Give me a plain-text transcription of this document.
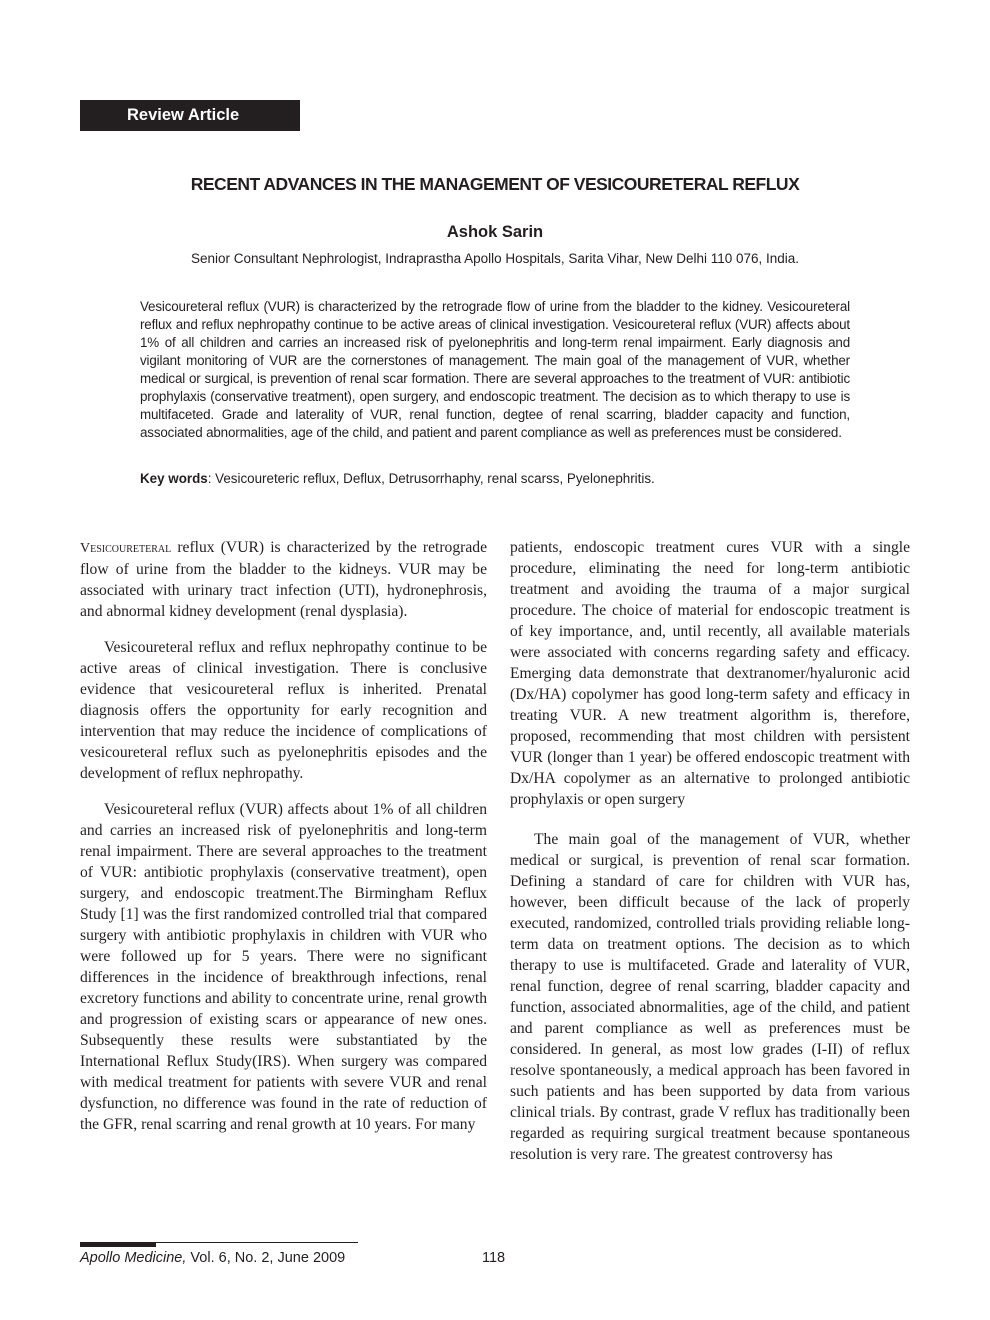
Review Article
RECENT ADVANCES IN THE MANAGEMENT OF VESICOURETERAL REFLUX
Ashok Sarin
Senior Consultant Nephrologist, Indraprastha Apollo Hospitals, Sarita Vihar, New Delhi 110 076, India.

Vesicoureteral reflux (VUR) is characterized by the retrograde flow of urine from the bladder to the kidney. Vesicoureteral reflux and reflux nephropathy continue to be active areas of clinical investigation. Vesicoureteral reflux (VUR) affects about 1% of all children and carries an increased risk of pyelonephritis and long-term renal impairment. Early diagnosis and vigilant monitoring of VUR are the cornerstones of management. The main goal of the management of VUR, whether medical or surgical, is prevention of renal scar formation. There are several approaches to the treatment of VUR: antibiotic prophylaxis (conservative treatment), open surgery, and endoscopic treatment. The decision as to which therapy to use is multifaceted. Grade and laterality of VUR, renal function, degtee of renal scarring, bladder capacity and function, associated abnormalities, age of the child, and patient and parent compliance as well as preferences must be considered.

Key words: Vesicoureteric reflux, Deflux, Detrusorrhaphy, renal scarss, Pyelonephritis.

Vesicoureteral reflux (VUR) is characterized by the retrograde flow of urine from the bladder to the kidneys. VUR may be associated with urinary tract infection (UTI), hydronephrosis, and abnormal kidney development (renal dysplasia).

Vesicoureteral reflux and reflux nephropathy continue to be active areas of clinical investigation. There is conclusive evidence that vesicoureteral reflux is inherited. Prenatal diagnosis offers the opportunity for early recognition and intervention that may reduce the incidence of complications of vesicoureteral reflux such as pyelonephritis episodes and the development of reflux nephropathy.

Vesicoureteral reflux (VUR) affects about 1% of all children and carries an increased risk of pyelonephritis and long-term renal impairment. There are several approaches to the treatment of VUR: antibiotic prophylaxis (conservative treatment), open surgery, and endoscopic treatment.The Birmingham Reflux Study [1] was the first randomized controlled trial that compared surgery with antibiotic prophylaxis in children with VUR who were followed up for 5 years. There were no significant differences in the incidence of breakthrough infections, renal excretory functions and ability to concentrate urine, renal growth and progression of existing scars or appearance of new ones. Subsequently these results were substantiated by the International Reflux Study(IRS). When surgery was compared with medical treatment for patients with severe VUR and renal dysfunction, no difference was found in the rate of reduction of the GFR, renal scarring and renal growth at 10 years. For many

patients, endoscopic treatment cures VUR with a single procedure, eliminating the need for long-term antibiotic treatment and avoiding the trauma of a major surgical procedure. The choice of material for endoscopic treatment is of key importance, and, until recently, all available materials were associated with concerns regarding safety and efficacy. Emerging data demonstrate that dextranomer/hyaluronic acid (Dx/HA) copolymer has good long-term safety and efficacy in treating VUR. A new treatment algorithm is, therefore, proposed, recommending that most children with persistent VUR (longer than 1 year) be offered endoscopic treatment with Dx/HA copolymer as an alternative to prolonged antibiotic prophylaxis or open surgery

The main goal of the management of VUR, whether medical or surgical, is prevention of renal scar formation. Defining a standard of care for children with VUR has, however, been difficult because of the lack of properly executed, randomized, controlled trials providing reliable long-term data on treatment options. The decision as to which therapy to use is multifaceted. Grade and laterality of VUR, renal function, degree of renal scarring, bladder capacity and function, associated abnormalities, age of the child, and patient and parent compliance as well as preferences must be considered. In general, as most low grades (I-II) of reflux resolve spontaneously, a medical approach has been favored in such patients and has been supported by data from various clinical trials. By contrast, grade V reflux has traditionally been regarded as requiring surgical treatment because spontaneous resolution is very rare. The greatest controversy has

Apollo Medicine, Vol. 6, No. 2, June 2009	118
